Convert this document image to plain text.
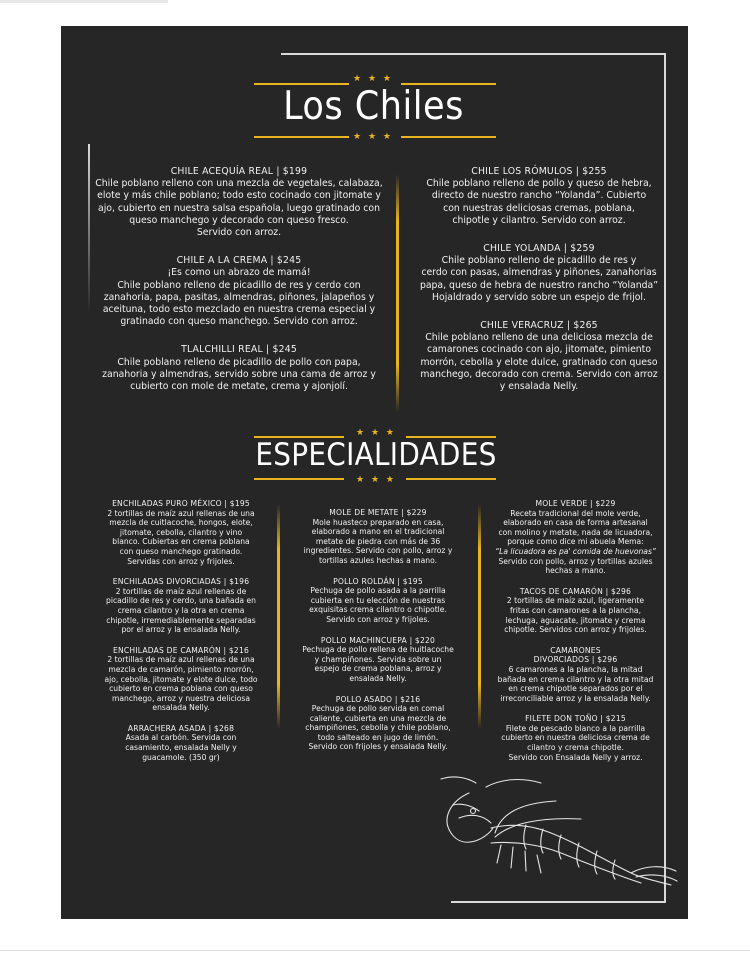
★ ★ ★
Los Chiles
★ ★ ★
CHILE ACEQUÍA REAL | $199
Chile poblano relleno con una mezcla de vegetales, calabaza,
elote y más chile poblano; todo esto cocinado con jitomate y
ajo, cubierto en nuestra salsa española, luego gratinado con
queso manchego y decorado con queso fresco.
Servido con arroz.
CHILE A LA CREMA | $245
¡Es como un abrazo de mamá!
Chile poblano relleno de picadillo de res y cerdo con
zanahoria, papa, pasitas, almendras, piñones, jalapeños y
aceituna, todo esto mezclado en nuestra crema especial y
gratinado con queso manchego. Servido con arroz.
TLALCHILLI REAL | $245
Chile poblano relleno de picadillo de pollo con papa,
zanahoria y almendras, servido sobre una cama de arroz y
cubierto con mole de metate, crema y ajonjolí.
CHILE LOS RÓMULOS | $255
Chile poblano relleno de pollo y queso de hebra,
directo de nuestro rancho “Yolanda”. Cubierto
con nuestras deliciosas cremas, poblana,
chipotle y cilantro. Servido con arroz.
CHILE YOLANDA | $259
Chile poblano relleno de picadillo de res y
cerdo con pasas, almendras y piñones, zanahorias
papa, queso de hebra de nuestro rancho “Yolanda”
Hojaldrado y servido sobre un espejo de frijol.
CHILE VERACRUZ | $265
Chile poblano relleno de una deliciosa mezcla de
camarones cocinado con ajo, jitomate, pimiento
morrón, cebolla y elote dulce, gratinado con queso
manchego, decorado con crema. Servido con arroz
y ensalada Nelly.
★ ★ ★
ESPECIALIDADES
★ ★ ★
ENCHILADAS PURO MÉXICO | $195
2 tortillas de maíz azul rellenas de una
mezcla de cuitlacoche, hongos, elote,
jitomate, cebolla, cilantro y vino
blanco. Cubiertas en crema poblana
con queso manchego gratinado.
Servidas con arroz y frijoles.
ENCHILADAS DIVORCIADAS | $196
2 tortillas de maíz azul rellenas de
picadillo de res y cerdo, una bañada en
crema cilantro y la otra en crema
chipotle, irremediablemente separadas
por el arroz y la ensalada Nelly.
ENCHILADAS DE CAMARÓN | $216
2 tortillas de maíz azul rellenas de una
mezcla de camarón, pimiento morrón,
ajo, cebolla, jitomate y elote dulce, todo
cubierto en crema poblana con queso
manchego, arroz y nuestra deliciosa
ensalada Nelly.
ARRACHERA ASADA | $268
Asada al carbón. Servida con
casamiento, ensalada Nelly y
guacamole. (350 gr)
MOLE DE METATE | $229
Mole huasteco preparado en casa,
elaborado a mano en el tradicional
metate de piedra con más de 36
ingredientes. Servido con pollo, arroz y
tortillas azules hechas a mano.
POLLO ROLDÁN | $195
Pechuga de pollo asada a la parrilla
cubierta en tu elección de nuestras
exquisitas crema cilantro o chipotle.
Servido con arroz y frijoles.
POLLO MACHINCUEPA | $220
Pechuga de pollo rellena de huitlacoche
y champiñones. Servida sobre un
espejo de crema poblana, arroz y
ensalada Nelly.
POLLO ASADO | $216
Pechuga de pollo servida en comal
caliente, cubierta en una mezcla de
champiñones, cebolla y chile poblano,
todo salteado en jugo de limón.
Servido con frijoles y ensalada Nelly.
MOLE VERDE | $229
Receta tradicional del mole verde,
elaborado en casa de forma artesanal
con molino y metate, nada de licuadora,
porque como dice mi abuela Mema:
“La licuadora es pa' comida de huevonas”
Servido con pollo, arroz y tortillas azules
hechas a mano.
TACOS DE CAMARÓN | $296
2 tortillas de maíz azul, ligeramente
fritas con camarones a la plancha,
lechuga, aguacate, jitomate y crema
chipotle. Servidos con arroz y frijoles.
CAMARONES
DIVORCIADOS | $296
6 camarones a la plancha, la mitad
bañada en crema cilantro y la otra mitad
en crema chipotle separados por el
irreconciliable arroz y la ensalada Nelly.
FILETE DON TOÑO | $215
Filete de pescado blanco a la parrilla
cubierto en nuestra deliciosa crema de
cilantro y crema chipotle.
Servido con Ensalada Nelly y arroz.
